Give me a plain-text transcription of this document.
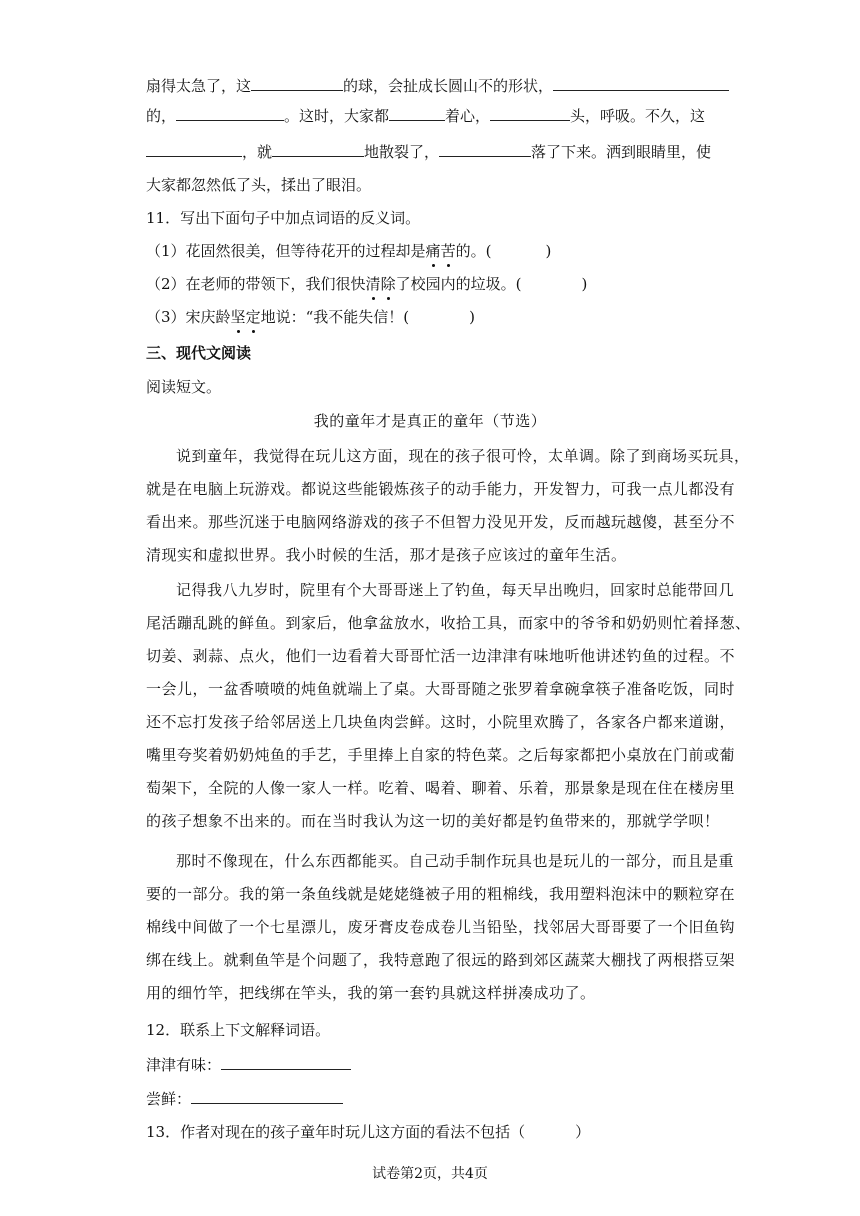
扇得太急了，这	的球，会扯成长圆山不的形状，
的，	。这时，大家都	着心，	头，呼吸。不久，这
，就	地散裂了，	落了下来。洒到眼睛里，使
大家都忽然低了头，揉出了眼泪。
11．写出下面句子中加点词语的反义词。
（1）花固然很美，但等待花开的过程却是痛苦的。(	)
（2）在老师的带领下，我们很快清除了校园内的垃圾。(	)
（3）宋庆龄坚定地说：“我不能失信！(	)
三、现代文阅读
阅读短文。
我的童年才是真正的童年（节选）
说到童年，我觉得在玩儿这方面，现在的孩子很可怜，太单调。除了到商场买玩具，
就是在电脑上玩游戏。都说这些能锻炼孩子的动手能力，开发智力，可我一点儿都没有
看出来。那些沉迷于电脑网络游戏的孩子不但智力没见开发，反而越玩越傻，甚至分不
清现实和虚拟世界。我小时候的生活，那才是孩子应该过的童年生活。
记得我八九岁时，院里有个大哥哥迷上了钓鱼，每天早出晚归，回家时总能带回几
尾活蹦乱跳的鲜鱼。到家后，他拿盆放水，收拾工具，而家中的爷爷和奶奶则忙着择葱、
切姜、剥蒜、点火，他们一边看着大哥哥忙活一边津津有味地听他讲述钓鱼的过程。不
一会儿，一盆香喷喷的炖鱼就端上了桌。大哥哥随之张罗着拿碗拿筷子准备吃饭，同时
还不忘打发孩子给邻居送上几块鱼肉尝鲜。这时，小院里欢腾了，各家各户都来道谢，
嘴里夸奖着奶奶炖鱼的手艺，手里捧上自家的特色菜。之后每家都把小桌放在门前或葡
萄架下，全院的人像一家人一样。吃着、喝着、聊着、乐着，那景象是现在住在楼房里
的孩子想象不出来的。而在当时我认为这一切的美好都是钓鱼带来的，那就学学呗！
那时不像现在，什么东西都能买。自己动手制作玩具也是玩儿的一部分，而且是重
要的一部分。我的第一条鱼线就是姥姥缝被子用的粗棉线，我用塑料泡沫中的颗粒穿在
棉线中间做了一个七星漂儿，废牙膏皮卷成卷儿当铅坠，找邻居大哥哥要了一个旧鱼钩
绑在线上。就剩鱼竿是个问题了，我特意跑了很远的路到郊区蔬菜大棚找了两根搭豆架
用的细竹竿，把线绑在竿头，我的第一套钓具就这样拼凑成功了。
12．联系上下文解释词语。
津津有味：
尝鲜：
13．作者对现在的孩子童年时玩儿这方面的看法不包括（	）
试卷第2页，共4页
